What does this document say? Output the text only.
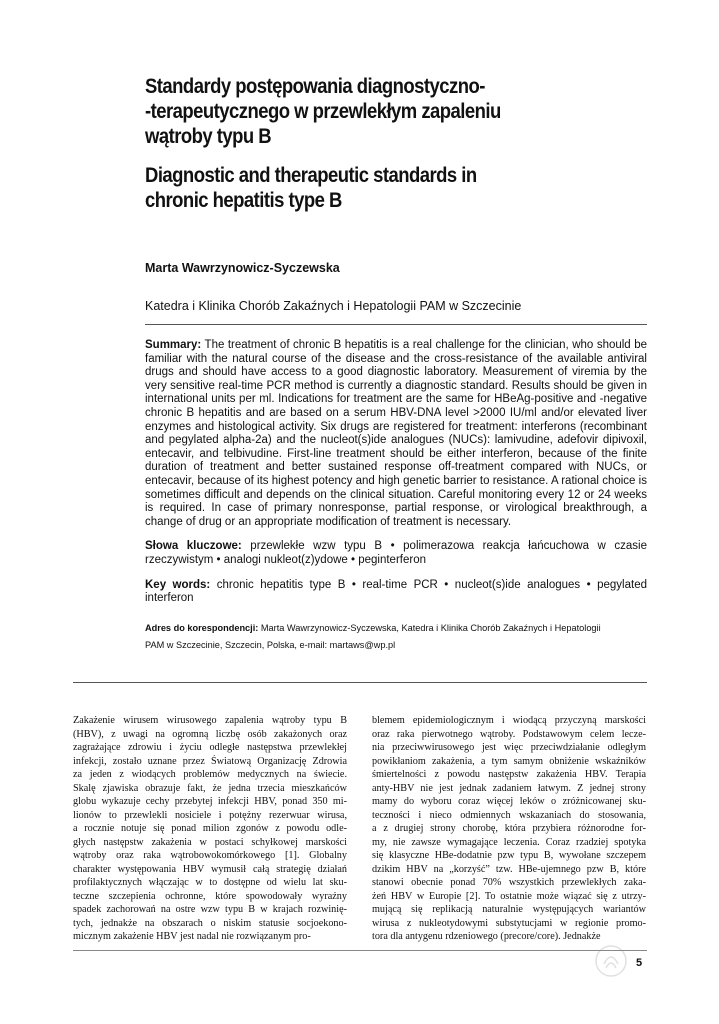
Standardy postępowania diagnostyczno-
-terapeutycznego w przewlekłym zapaleniu
wątroby typu B
Diagnostic and therapeutic standards in
chronic hepatitis type B
Marta Wawrzynowicz-Syczewska
Katedra i Klinika Chorób Zakaźnych i Hepatologii PAM w Szczecinie

Summary: The treatment of chronic B hepatitis is a real challenge for the clinician, who should be familiar with the natural course of the disease and the cross-resistance of the available antiviral drugs and should have access to a good diagnostic laboratory. Measurement of viremia by the very sensitive real-time PCR method is currently a diagnostic standard. Results should be given in international units per ml. Indications for treatment are the same for HBeAg-positive and -negative chronic B hepatitis and are based on a serum HBV-DNA level >2000 IU/ml and/or elevated liver enzymes and histological activity. Six drugs are registered for treatment: interferons (recombinant and pegylated alpha-2a) and the nucleot(s)ide analogues (NUCs): lamivudine, adefovir dipivoxil, entecavir, and telbivudine. First-line treatment should be either interferon, because of the finite duration of treatment and better sustained response off-treatment compared with NUCs, or entecavir, because of its highest potency and high genetic barrier to resistance. A rational choice is sometimes difficult and depends on the clinical situation. Careful monitoring every 12 or 24 weeks is required. In case of primary nonresponse, partial response, or virological breakthrough, a change of drug or an appropriate modification of treatment is necessary.

Słowa kluczowe: przewlekłe wzw typu B • polimerazowa reakcja łańcuchowa w czasie rzeczywistym • analogi nukleot(z)ydowe • peginterferon

Key words: chronic hepatitis type B • real-time PCR • nucleot(s)ide analogues • pegylated interferon

Adres do korespondencji: Marta Wawrzynowicz-Syczewska, Katedra i Klinika Chorób Zakaźnych i Hepatologii
PAM w Szczecinie, Szczecin, Polska, e-mail: martaws@wp.pl

Zakażenie wirusem wirusowego zapalenia wątroby typu B
(HBV), z uwagi na ogromną liczbę osób zakażonych oraz
zagrażające zdrowiu i życiu odległe następstwa przewlekłej
infekcji, zostało uznane przez Światową Organizację Zdrowia
za jeden z wiodących problemów medycznych na świecie.
Skalę zjawiska obrazuje fakt, że jedna trzecia mieszkańców
globu wykazuje cechy przebytej infekcji HBV, ponad 350 mi-
lionów to przewlekli nosiciele i potężny rezerwuar wirusa,
a rocznie notuje się ponad milion zgonów z powodu odle-
głych następstw zakażenia w postaci schyłkowej marskości
wątroby oraz raka wątrobowokomórkowego [1]. Globalny
charakter występowania HBV wymusił całą strategię działań
profilaktycznych włączając w to dostępne od wielu lat sku-
teczne szczepienia ochronne, które spowodowały wyraźny
spadek zachorowań na ostre wzw typu B w krajach rozwinię-
tych, jednakże na obszarach o niskim statusie socjoekono-
micznym zakażenie HBV jest nadal nie rozwiązanym pro-
blemem epidemiologicznym i wiodącą przyczyną marskości
oraz raka pierwotnego wątroby. Podstawowym celem lecze-
nia przeciwwirusowego jest więc przeciwdziałanie odległym
powikłaniom zakażenia, a tym samym obniżenie wskaźników
śmiertelności z powodu następstw zakażenia HBV. Terapia
anty-HBV nie jest jednak zadaniem łatwym. Z jednej strony
mamy do wyboru coraz więcej leków o zróżnicowanej sku-
teczności i nieco odmiennych wskazaniach do stosowania,
a z drugiej strony chorobę, która przybiera różnorodne for-
my, nie zawsze wymagające leczenia. Coraz rzadziej spotyka
się klasyczne HBe-dodatnie pzw typu B, wywołane szczepem
dzikim HBV na „korzyść” tzw. HBe-ujemnego pzw B, które
stanowi obecnie ponad 70% wszystkich przewlekłych zaka-
żeń HBV w Europie [2]. To ostatnie może wiązać się z utrzy-
mującą się replikacją naturalnie występujących wariantów
wirusa z nukleotydowymi substytucjami w regionie promo-
tora dla antygenu rdzeniowego (precore/core). Jednakże
5
